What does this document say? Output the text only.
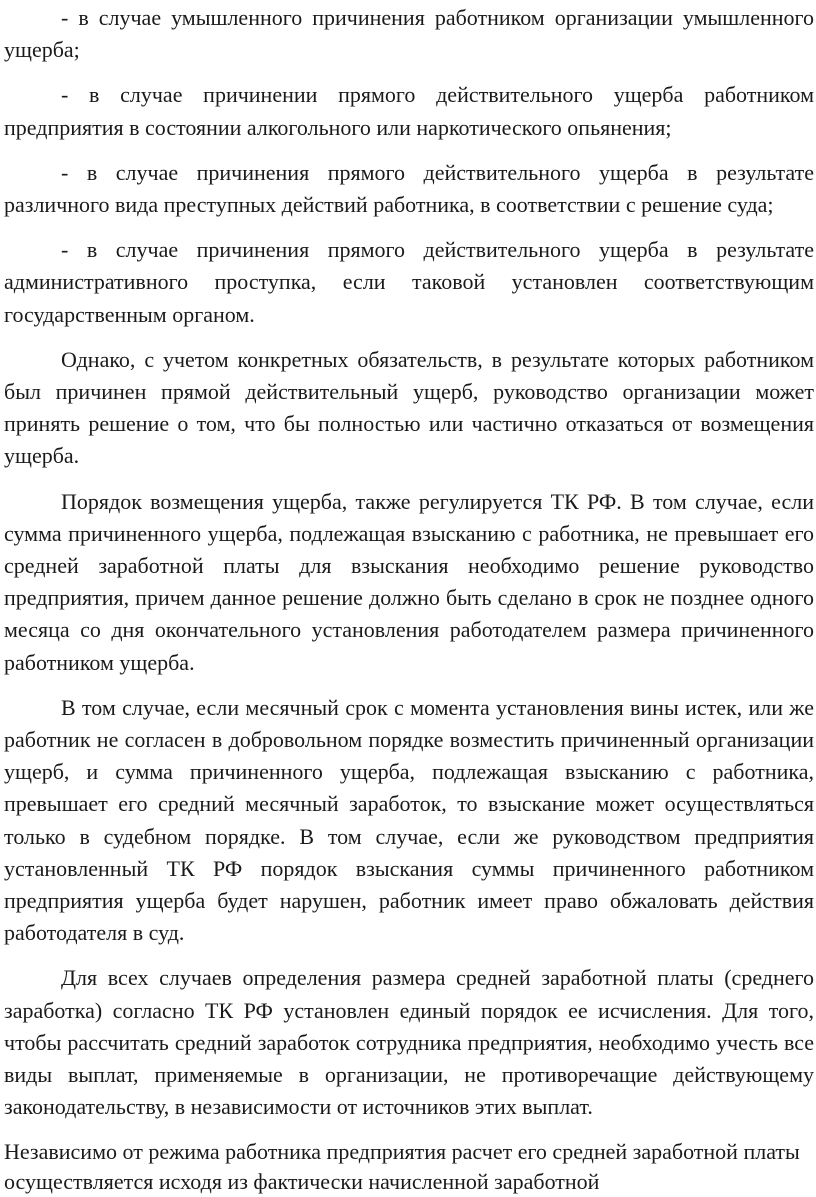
- в случае умышленного причинения работником организации умышленного ущерба;

- в случае причинении прямого действительного ущерба работником предприятия в состоянии алкогольного или наркотического опьянения;

- в случае причинения прямого действительного ущерба в результате различного вида преступных действий работника, в соответствии с решение суда;

- в случае причинения прямого действительного ущерба в результате административного проступка, если таковой установлен соответствующим государственным органом.

Однако, с учетом конкретных обязательств, в результате которых работником был причинен прямой действительный ущерб, руководство организации может принять решение о том, что бы полностью или частично отказаться от возмещения ущерба.

Порядок возмещения ущерба, также регулируется ТК РФ. В том случае, если сумма причиненного ущерба, подлежащая взысканию с работника, не превышает его средней заработной платы для взыскания необходимо решение руководство предприятия, причем данное решение должно быть сделано в срок не позднее одного месяца со дня окончательного установления работодателем размера причиненного работником ущерба.

В том случае, если месячный срок с момента установления вины истек, или же работник не согласен в добровольном порядке возместить причиненный организации ущерб, и сумма причиненного ущерба, подлежащая взысканию с работника, превышает его средний месячный заработок, то взыскание может осуществляться только в судебном порядке. В том случае, если же руководством предприятия установленный ТК РФ порядок взыскания суммы причиненного работником предприятия ущерба будет нарушен, работник имеет право обжаловать действия работодателя в суд.

Для всех случаев определения размера средней заработной платы (среднего заработка) согласно ТК РФ установлен единый порядок ее исчисления. Для того, чтобы рассчитать средний заработок сотрудника предприятия, необходимо учесть все виды выплат, применяемые в организации, не противоречащие действующему законодательству, в независимости от источников этих выплат.

Независимо от режима работника предприятия расчет его средней заработной платы осуществляется исходя из фактически начисленной заработной
